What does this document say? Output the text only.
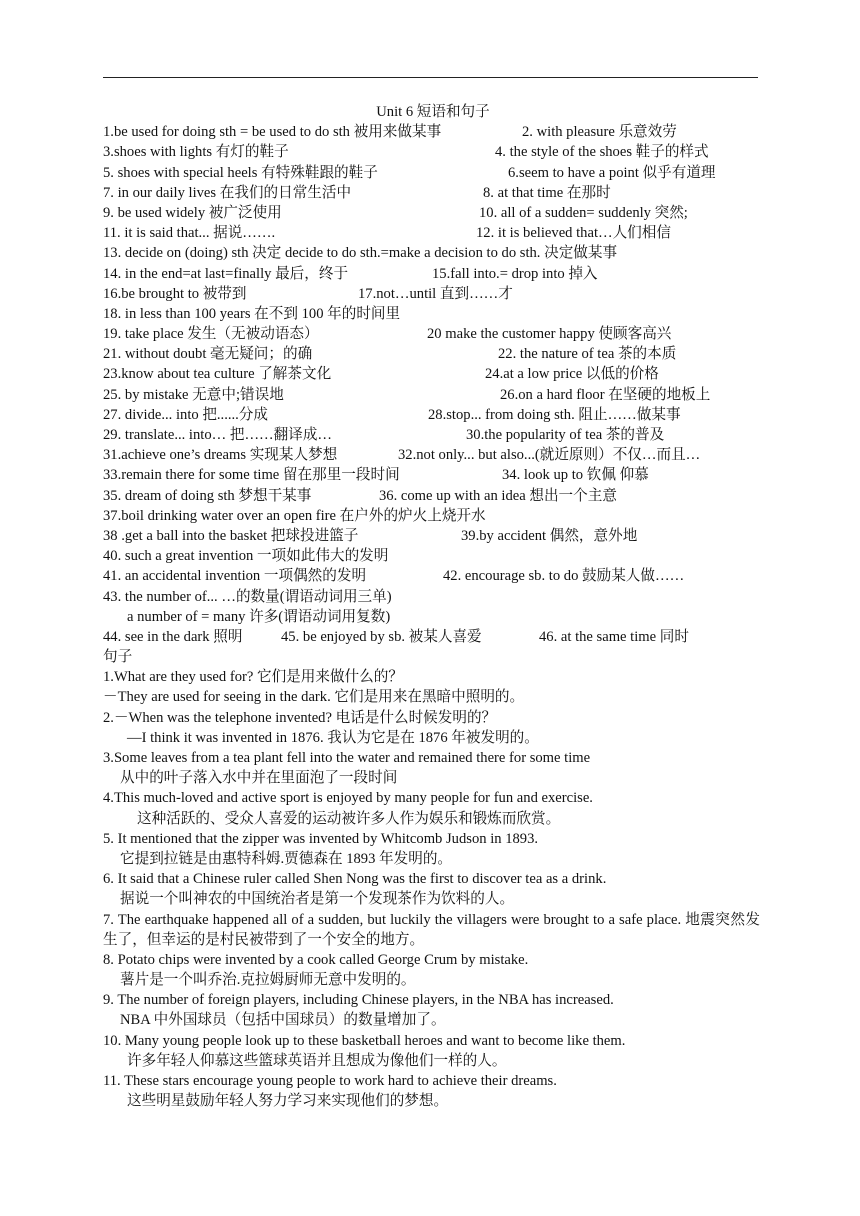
Unit 6 短语和句子
1.be used for doing sth = be used to do sth 被用来做某事	2. with pleasure 乐意效劳
3.shoes with lights 有灯的鞋子	4. the style of the shoes 鞋子的样式
5. shoes with special heels 有特殊鞋跟的鞋子	6.seem to have a point 似乎有道理
7. in our daily lives 在我们的日常生活中	8. at that time 在那时
9. be used widely 被广泛使用	10. all of a sudden= suddenly 突然;
11. it is said that... 据说…….	12. it is believed that…人们相信
13. decide on (doing) sth 决定 decide to do sth.=make a decision to do sth. 决定做某事
14. in the end=at last=finally 最后，终于	15.fall into.= drop into 掉入
16.be brought to 被带到	17.not…until 直到……才
18. in less than 100 years 在不到 100 年的时间里
19. take place 发生（无被动语态）	20 make the customer happy 使顾客高兴
21. without doubt 毫无疑问；的确	22. the nature of tea 茶的本质
23.know about tea culture 了解茶文化	24.at a low price 以低的价格
25. by mistake 无意中;错误地	26.on a hard floor 在坚硬的地板上
27. divide... into 把......分成	28.stop... from doing sth. 阻止……做某事
29. translate... into… 把……翻译成…	30.the popularity of tea 茶的普及
31.achieve one’s dreams 实现某人梦想	32.not only... but also...(就近原则）不仅…而且…
33.remain there for some time 留在那里一段时间	34. look up to 钦佩 仰慕
35. dream of doing sth 梦想干某事	36. come up with an idea 想出一个主意
37.boil drinking water over an open fire 在户外的炉火上烧开水
38 .get a ball into the basket 把球投进篮子	39.by accident 偶然，意外地
40. such a great invention 一项如此伟大的发明
41. an accidental invention 一项偶然的发明	42. encourage sb. to do 鼓励某人做……
43. the number of... …的数量(谓语动词用三单)
a number of = many 许多(谓语动词用复数)
44. see in the dark 照明	45. be enjoyed by sb. 被某人喜爱	46. at the same time 同时
句子
1.What are they used for? 它们是用来做什么的？
－They are used for seeing in the dark. 它们是用来在黑暗中照明的。
2.－When was the telephone invented? 电话是什么时候发明的？
—I think it was invented in 1876. 我认为它是在 1876 年被发明的。
3.Some leaves from a tea plant fell into the water and remained there for some time
从中的叶子落入水中并在里面泡了一段时间
4.This much-loved and active sport is enjoyed by many people for fun and exercise.
这种活跃的、受众人喜爱的运动被许多人作为娱乐和锻炼而欣赏。
5. It mentioned that the zipper was invented by Whitcomb Judson in 1893.
它提到拉链是由惠特科姆.贾德森在 1893 年发明的。
6. It said that a Chinese ruler called Shen Nong was the first to discover tea as a drink.
据说一个叫神农的中国统治者是第一个发现茶作为饮料的人。
7. The earthquake happened all of a sudden, but luckily the villagers were brought to a safe place. 地震突然发生了，但幸运的是村民被带到了一个安全的地方。
8. Potato chips were invented by a cook called George Crum by mistake.
薯片是一个叫乔治.克拉姆厨师无意中发明的。
9. The number of foreign players, including Chinese players, in the NBA has increased.
NBA 中外国球员（包括中国球员）的数量增加了。
10. Many young people look up to these basketball heroes and want to become like them.
许多年轻人仰慕这些篮球英语并且想成为像他们一样的人。
11. These stars encourage young people to work hard to achieve their dreams.
这些明星鼓励年轻人努力学习来实现他们的梦想。
